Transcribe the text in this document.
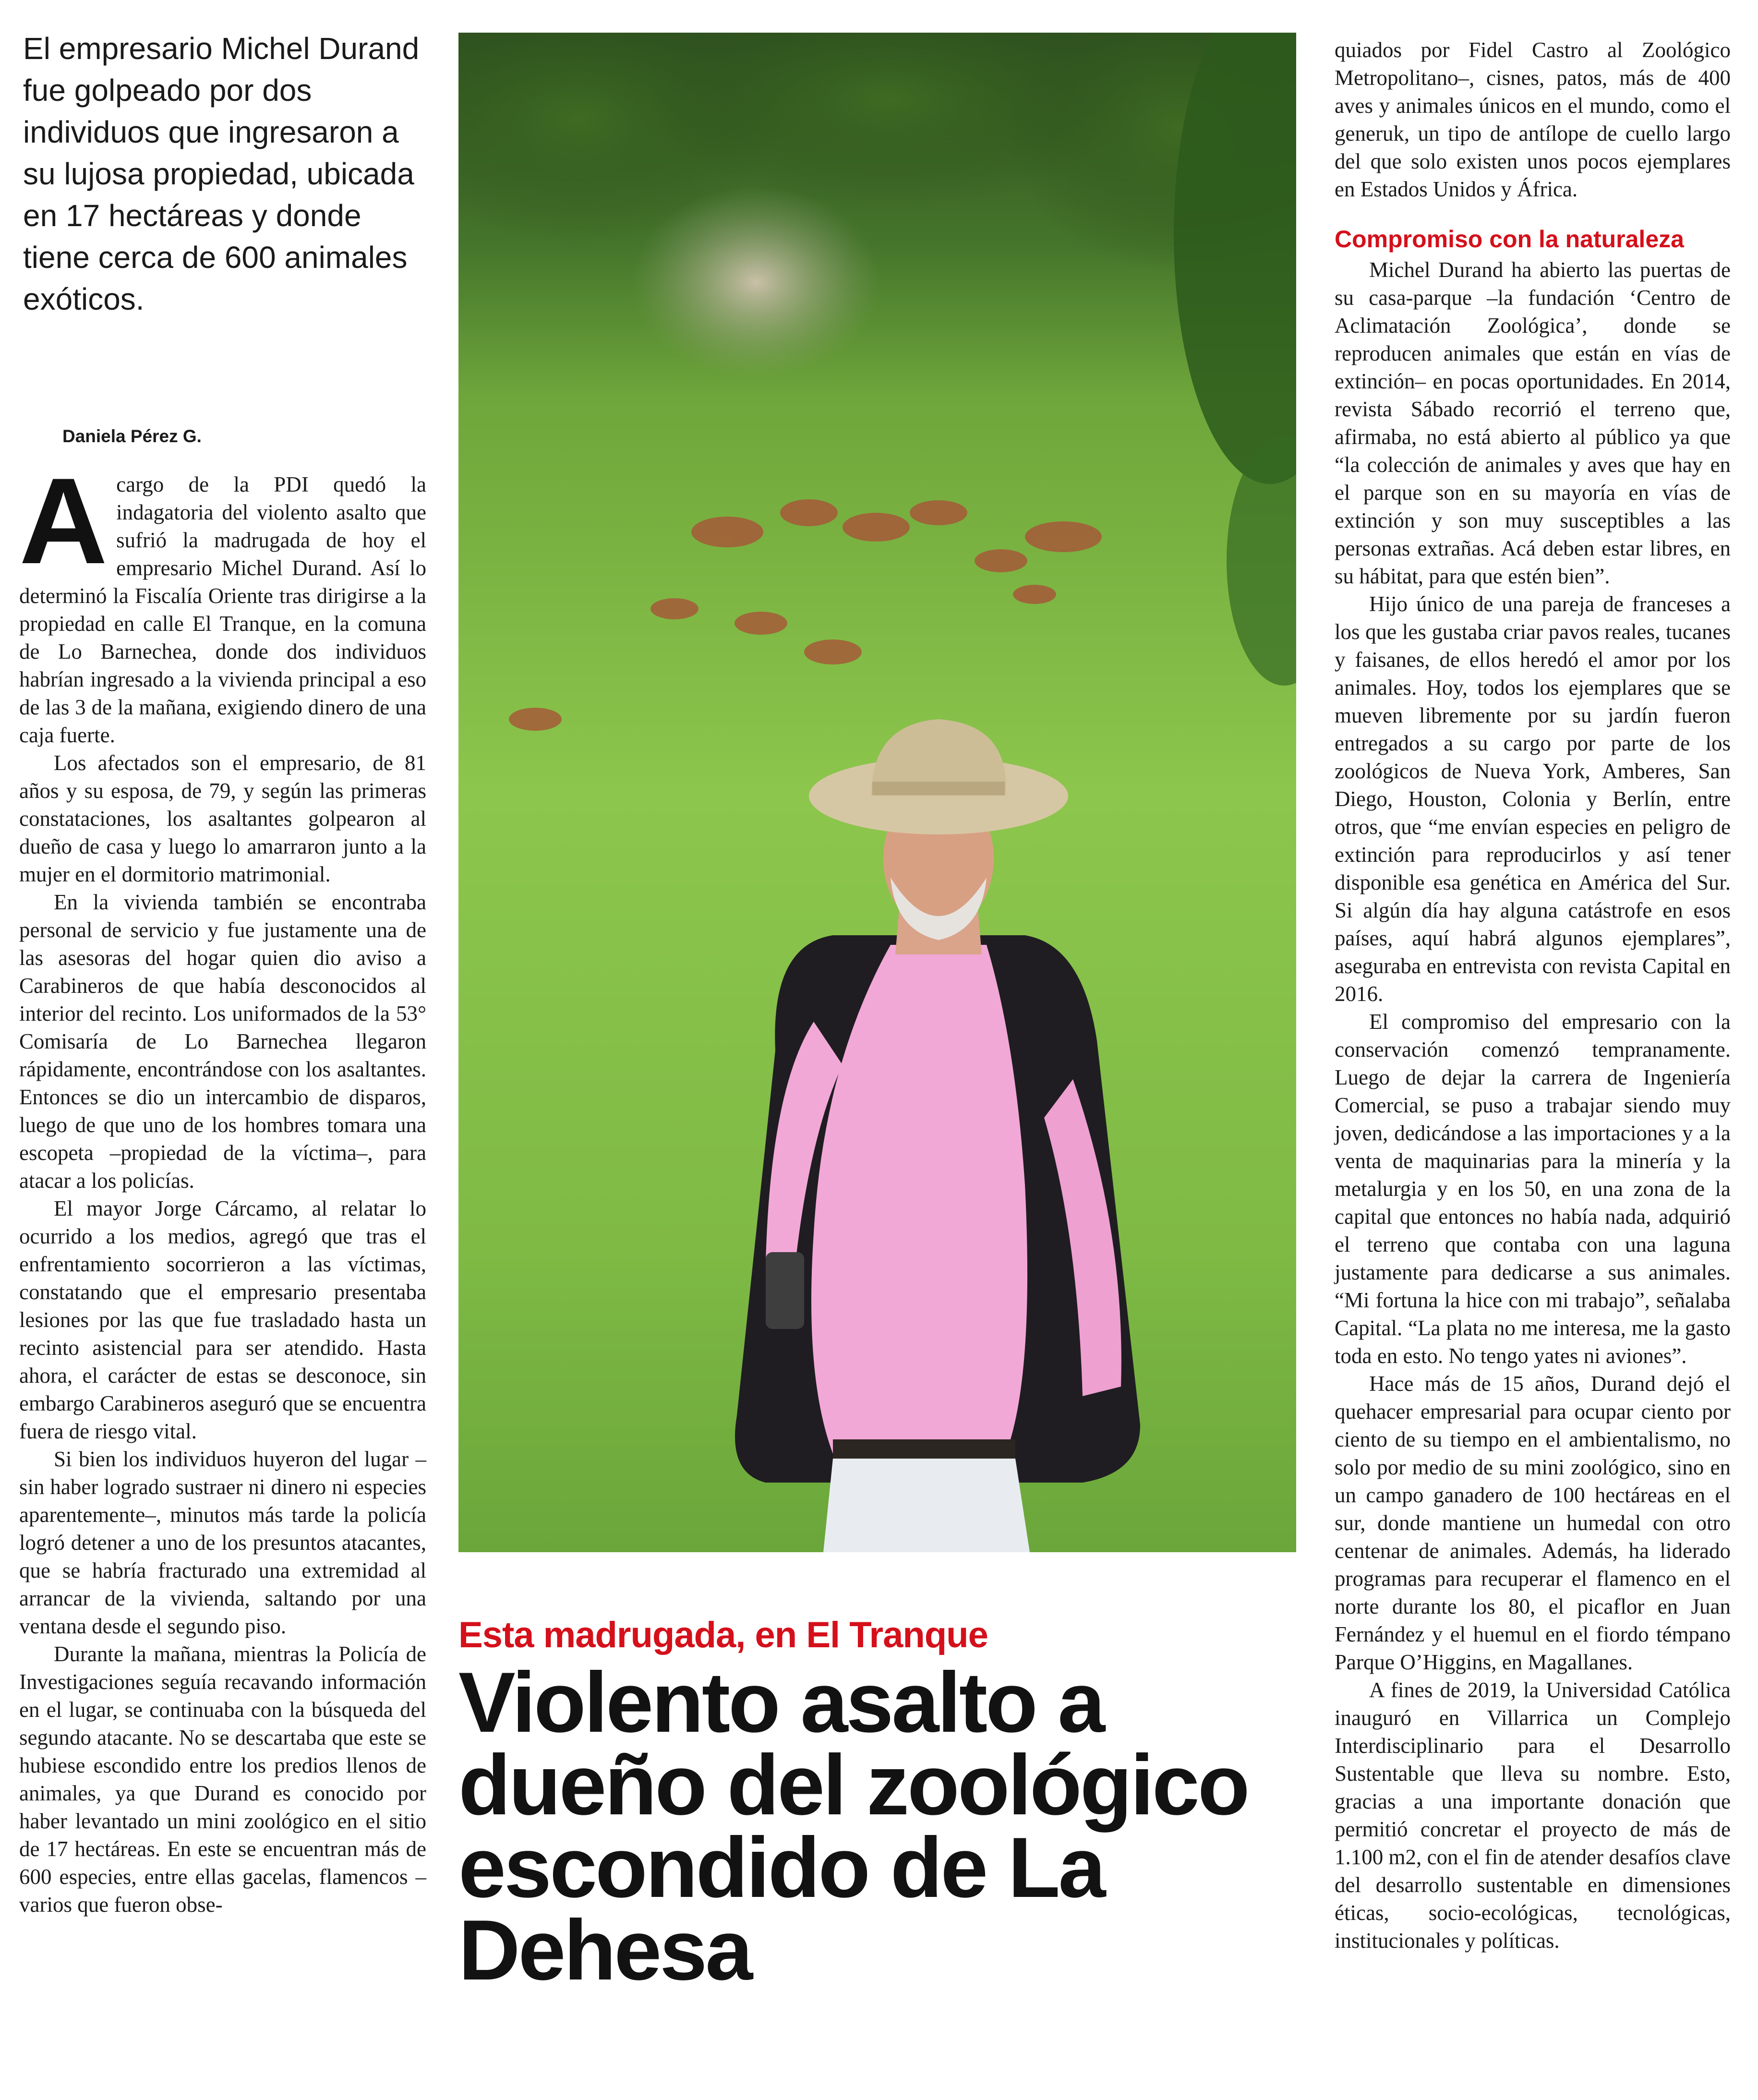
El empresario Michel Durand fue golpeado por dos individuos que ingresaron a su lujosa propiedad, ubicada en 17 hectáreas y donde tiene cerca de 600 animales exóticos.
Daniela Pérez G.

Acargo de la PDI quedó la indagatoria del violento asalto que sufrió la madrugada de hoy el empresario Michel Durand. Así lo determinó la Fiscalía Oriente tras dirigirse a la propiedad en calle El Tranque, en la comuna de Lo Barnechea, donde dos individuos habrían ingresado a la vivienda principal a eso de las 3 de la mañana, exigiendo dinero de una caja fuerte.

Los afectados son el empresario, de 81 años y su esposa, de 79, y según las primeras constataciones, los asaltantes golpearon al dueño de casa y luego lo amarraron junto a la mujer en el dormitorio matrimonial.

En la vivienda también se encontraba personal de servicio y fue justamente una de las asesoras del hogar quien dio aviso a Carabineros de que había desconocidos al interior del recinto. Los uniformados de la 53° Comisaría de Lo Barnechea llegaron rápidamente, encontrándose con los asaltantes. Entonces se dio un intercambio de disparos, luego de que uno de los hombres tomara una escopeta –propiedad de la víctima–, para atacar a los policías.

El mayor Jorge Cárcamo, al relatar lo ocurrido a los medios, agregó que tras el enfrentamiento socorrieron a las víctimas, constatando que el empresario presentaba lesiones por las que fue trasladado hasta un recinto asistencial para ser atendido. Hasta ahora, el carácter de estas se desconoce, sin embargo Carabineros aseguró que se encuentra fuera de riesgo vital.

Si bien los individuos huyeron del lugar –sin haber logrado sustraer ni dinero ni especies aparentemente–, minutos más tarde la policía logró detener a uno de los presuntos atacantes, que se habría fracturado una extremidad al arrancar de la vivienda, saltando por una ventana desde el segundo piso.

Durante la mañana, mientras la Policía de Investigaciones seguía recavando información en el lugar, se continuaba con la búsqueda del segundo atacante. No se descartaba que este se hubiese escondido entre los predios llenos de animales, ya que Durand es conocido por haber levantado un mini zoológico en el sitio de 17 hectáreas. En este se encuentran más de 600 especies, entre ellas gacelas, flamencos –varios que fueron obse-

Esta madrugada, en El Tranque
Violento asalto a dueño del zoológico escondido de La Dehesa

quiados por Fidel Castro al Zoológico Metropolitano–, cisnes, patos, más de 400 aves y animales únicos en el mundo, como el generuk, un tipo de antílope de cuello largo del que solo existen unos pocos ejemplares en Estados Unidos y África.

Compromiso con la naturaleza

Michel Durand ha abierto las puertas de su casa-parque –la fundación ‘Centro de Aclimatación Zoológica’, donde se reproducen animales que están en vías de extinción– en pocas oportunidades. En 2014, revista Sábado recorrió el terreno que, afirmaba, no está abierto al público ya que “la colección de animales y aves que hay en el parque son en su mayoría en vías de extinción y son muy susceptibles a las personas extrañas. Acá deben estar libres, en su hábitat, para que estén bien”.

Hijo único de una pareja de franceses a los que les gustaba criar pavos reales, tucanes y faisanes, de ellos heredó el amor por los animales. Hoy, todos los ejemplares que se mueven libremente por su jardín fueron entregados a su cargo por parte de los zoológicos de Nueva York, Amberes, San Diego, Houston, Colonia y Berlín, entre otros, que “me envían especies en peligro de extinción para reproducirlos y así tener disponible esa genética en América del Sur. Si algún día hay alguna catástrofe en esos países, aquí habrá algunos ejemplares”, aseguraba en entrevista con revista Capital en 2016.

El compromiso del empresario con la conservación comenzó tempranamente. Luego de dejar la carrera de Ingeniería Comercial, se puso a trabajar siendo muy joven, dedicándose a las importaciones y a la venta de maquinarias para la minería y la metalurgia y en los 50, en una zona de la capital que entonces no había nada, adquirió el terreno que contaba con una laguna justamente para dedicarse a sus animales. “Mi fortuna la hice con mi trabajo”, señalaba Capital. “La plata no me interesa, me la gasto toda en esto. No tengo yates ni aviones”.

Hace más de 15 años, Durand dejó el quehacer empresarial para ocupar ciento por ciento de su tiempo en el ambientalismo, no solo por medio de su mini zoológico, sino en un campo ganadero de 100 hectáreas en el sur, donde mantiene un humedal con otro centenar de animales. Además, ha liderado programas para recuperar el flamenco en el norte durante los 80, el picaflor en Juan Fernández y el huemul en el fiordo témpano Parque O’Higgins, en Magallanes.

A fines de 2019, la Universidad Católica inauguró en Villarrica un Complejo Interdisciplinario para el Desarrollo Sustentable que lleva su nombre. Esto, gracias a una importante donación que permitió concretar el proyecto de más de 1.100 m2, con el fin de atender desafíos clave del desarrollo sustentable en dimensiones éticas, socio-ecológicas, tecnológicas, institucionales y políticas.
